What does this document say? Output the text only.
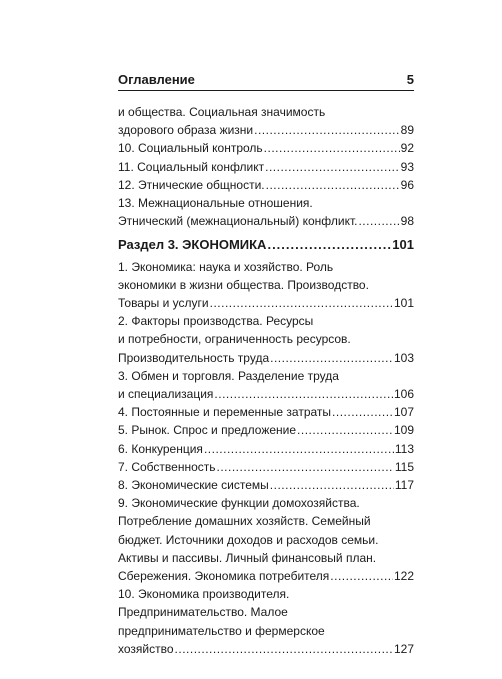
Оглавление	5
и общества. Социальная значимость
здорового образа жизни .....	89
10. Социальный контроль .....	92
11. Социальный конфликт .....	93
12. Этнические общности. .....	96
13. Межнациональные отношения.
Этнический (межнациональный) конфликт. .....	98
Раздел 3. ЭКОНОМИКА .....	101
1. Экономика: наука и хозяйство. Роль
экономики в жизни общества. Производство.
Товары и услуги .....	101
2. Факторы производства. Ресурсы
и потребности, ограниченность ресурсов.
Производительность труда .....	103
3. Обмен и торговля. Разделение труда
и специализация .....	106
4. Постоянные и переменные затраты .....	107
5. Рынок. Спрос и предложение .....	109
6. Конкуренция .....	113
7. Собственность .....	115
8. Экономические системы .....	117
9. Экономические функции домохозяйства.
Потребление домашних хозяйств. Семейный
бюджет. Источники доходов и расходов семьи.
Активы и пассивы. Личный финансовый план.
Сбережения. Экономика потребителя .....	122
10. Экономика производителя.
Предпринимательство. Малое
предпринимательство и фермерское
хозяйство .....	127
